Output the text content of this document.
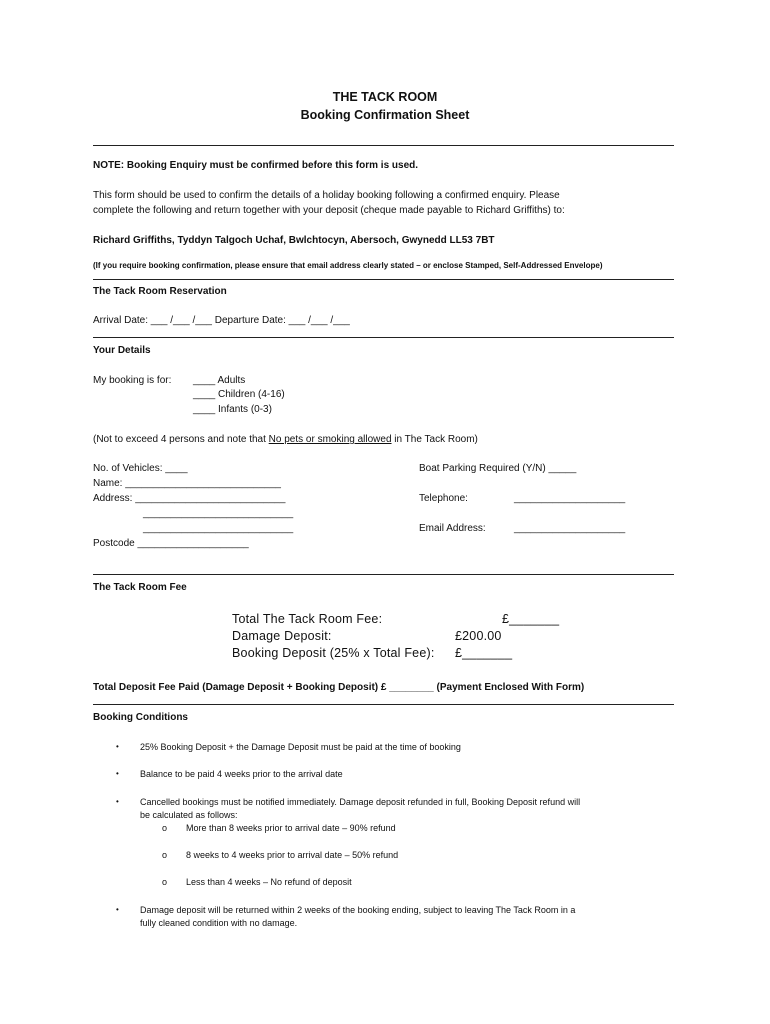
THE TACK ROOM
Booking Confirmation Sheet
NOTE: Booking Enquiry must be confirmed before this form is used.
This form should be used to confirm the details of a holiday booking following a confirmed enquiry. Please
complete the following and return together with your deposit (cheque made payable to Richard Griffiths) to:
Richard Griffiths, Tyddyn Talgoch Uchaf, Bwlchtocyn, Abersoch, Gwynedd LL53 7BT
(If you require booking confirmation, please ensure that email address clearly stated – or enclose Stamped, Self-Addressed Envelope)
The Tack Room Reservation
Arrival Date: ___ /___ /___ Departure Date: ___ /___ /___
Your Details
My booking is for: ____ Adults
____ Children (4-16)
____ Infants (0-3)
(Not to exceed 4 persons and note that No pets or smoking allowed in The Tack Room)
No. of Vehicles: ____	Boat Parking Required (Y/N) _____
Name: ____________________________
Address: ___________________________	Telephone:	____________________
___________________________
___________________________	Email Address:	____________________
Postcode ____________________
The Tack Room Fee
Total The Tack Room Fee:	£_______
Damage Deposit:	£200.00
Booking Deposit (25% x Total Fee): £_______
Total Deposit Fee Paid (Damage Deposit + Booking Deposit) £ ________ (Payment Enclosed With Form)
Booking Conditions
• 25% Booking Deposit + the Damage Deposit must be paid at the time of booking
• Balance to be paid 4 weeks prior to the arrival date
• Cancelled bookings must be notified immediately. Damage deposit refunded in full, Booking Deposit refund will
be calculated as follows:
o More than 8 weeks prior to arrival date – 90% refund
o 8 weeks to 4 weeks prior to arrival date – 50% refund
o Less than 4 weeks – No refund of deposit
• Damage deposit will be returned within 2 weeks of the booking ending, subject to leaving The Tack Room in a
fully cleaned condition with no damage.
